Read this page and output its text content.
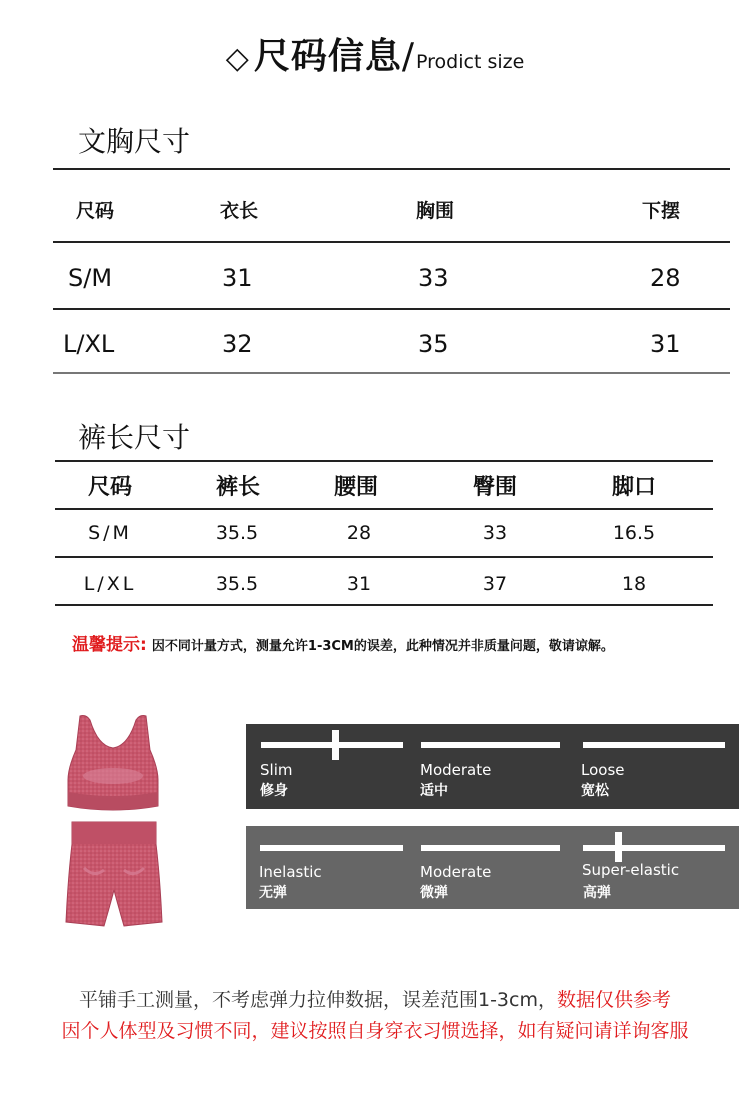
◇ 尺码信息/ Prodict size
文胸尺寸
尺码	衣长	胸围	下摆
S/M	31	33	28
L/XL	32	35	31
裤长尺寸
尺码	裤长	腰围	臀围	脚口
S/M	35.5	28	33	16.5
L/XL	35.5	31	37	18
温馨提示: 因不同计量方式，测量允许1-3CM的误差，此种情况并非质量问题，敬请谅解。
Slim
修身
Moderate
适中
Loose
宽松
Inelastic
无弹
Moderate
微弹
Super-elastic
高弹
平铺手工测量，不考虑弹力拉伸数据，误差范围1-3cm，数据仅供参考
因个人体型及习惯不同，建议按照自身穿衣习惯选择，如有疑问请详询客服
